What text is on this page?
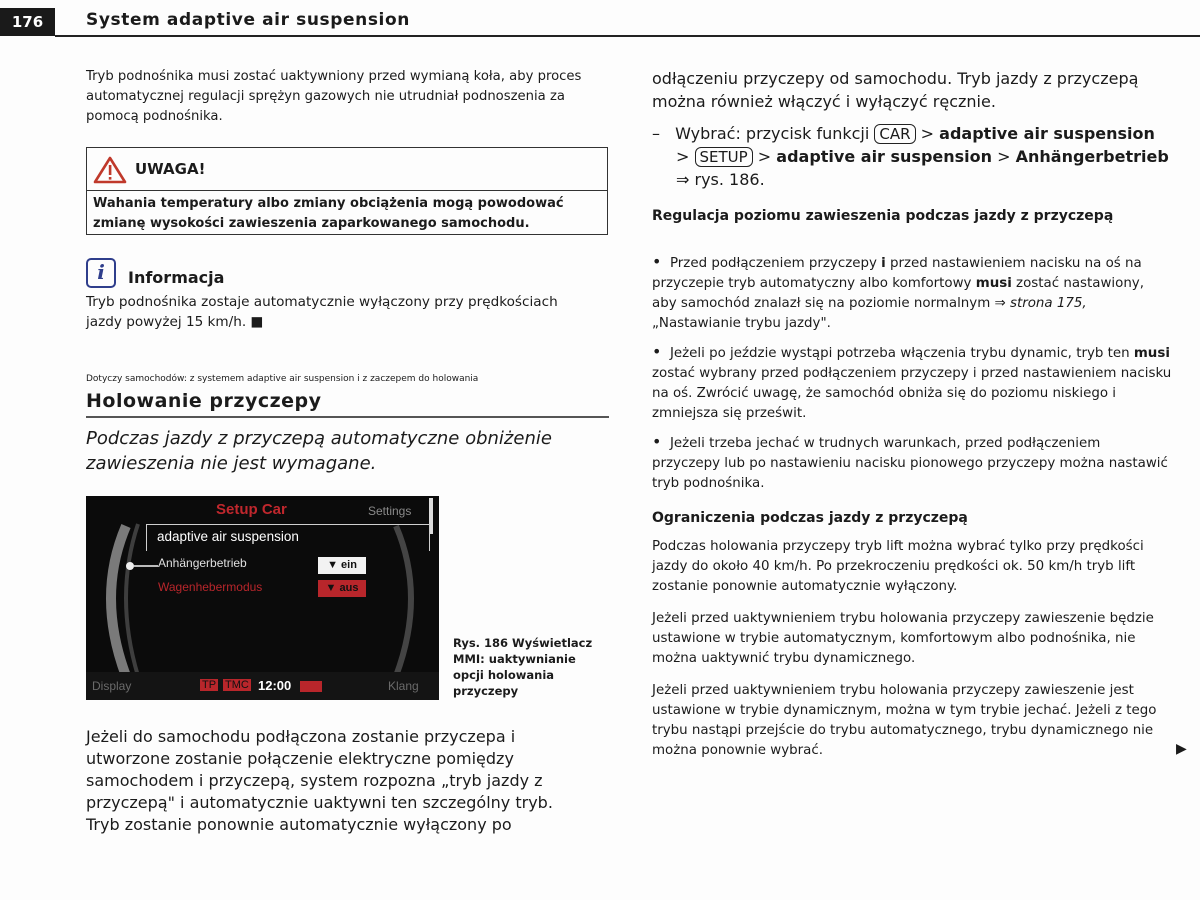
176	System adaptive air suspension
Tryb podnośnika musi zostać uaktywniony przed wymianą koła, aby proces automatycznej regulacji sprężyn gazowych nie utrudniał podnoszenia za pomocą podnośnika.
UWAGA!
Wahania temperatury albo zmiany obciążenia mogą powodować zmianę wysokości zawieszenia zaparkowanego samochodu.
i	Informacja
Tryb podnośnika zostaje automatycznie wyłączony przy prędkościach jazdy powyżej 15 km/h. ■
Dotyczy samochodów: z systemem adaptive air suspension i z zaczepem do holowania
Holowanie przyczepy
Podczas jazdy z przyczepą automatyczne obniżenie zawieszenia nie jest wymagane.
Setup Car	Settings
adaptive air suspension
Anhängerbetrieb	▼ ein
Wagenhebermodus	▼ aus
Display	TP TMC 12:00	Klang
Rys. 186 Wyświetlacz MMI: uaktywnianie opcji holowania przyczepy
Jeżeli do samochodu podłączona zostanie przyczepa i
utworzone zostanie połączenie elektryczne pomiędzy
samochodem i przyczepą, system rozpozna „tryb jazdy z
przyczepą" i automatycznie uaktywni ten szczególny tryb.
Tryb zostanie ponownie automatycznie wyłączony po
odłączeniu przyczepy od samochodu. Tryb jazdy z przyczepą można również włączyć i wyłączyć ręcznie.
– Wybrać: przycisk funkcji CAR > adaptive air suspension
> SETUP > adaptive air suspension > Anhängerbetrieb
⇒ rys. 186.
Regulacja poziomu zawieszenia podczas jazdy z przyczepą
• Przed podłączeniem przyczepy i przed nastawieniem nacisku na oś na przyczepie tryb automatyczny albo komfortowy musi zostać nastawiony, aby samochód znalazł się na poziomie normalnym ⇒ strona 175, „Nastawianie trybu jazdy".
• Jeżeli po jeździe wystąpi potrzeba włączenia trybu dynamic, tryb ten musi zostać wybrany przed podłączeniem przyczepy i przed nastawieniem nacisku na oś. Zwrócić uwagę, że samochód obniża się do poziomu niskiego i zmniejsza się prześwit.
• Jeżeli trzeba jechać w trudnych warunkach, przed podłączeniem przyczepy lub po nastawieniu nacisku pionowego przyczepy można nastawić tryb podnośnika.
Ograniczenia podczas jazdy z przyczepą
Podczas holowania przyczepy tryb lift można wybrać tylko przy prędkości jazdy do około 40 km/h. Po przekroczeniu prędkości ok. 50 km/h tryb lift zostanie ponownie automatycznie wyłączony.
Jeżeli przed uaktywnieniem trybu holowania przyczepy zawieszenie będzie ustawione w trybie automatycznym, komfortowym albo podnośnika, nie można uaktywnić trybu dynamicznego.
Jeżeli przed uaktywnieniem trybu holowania przyczepy zawieszenie jest ustawione w trybie dynamicznym, można w tym trybie jechać. Jeżeli z tego trybu nastąpi przejście do trybu automatycznego, trybu dynamicznego nie można ponownie wybrać.	▶
